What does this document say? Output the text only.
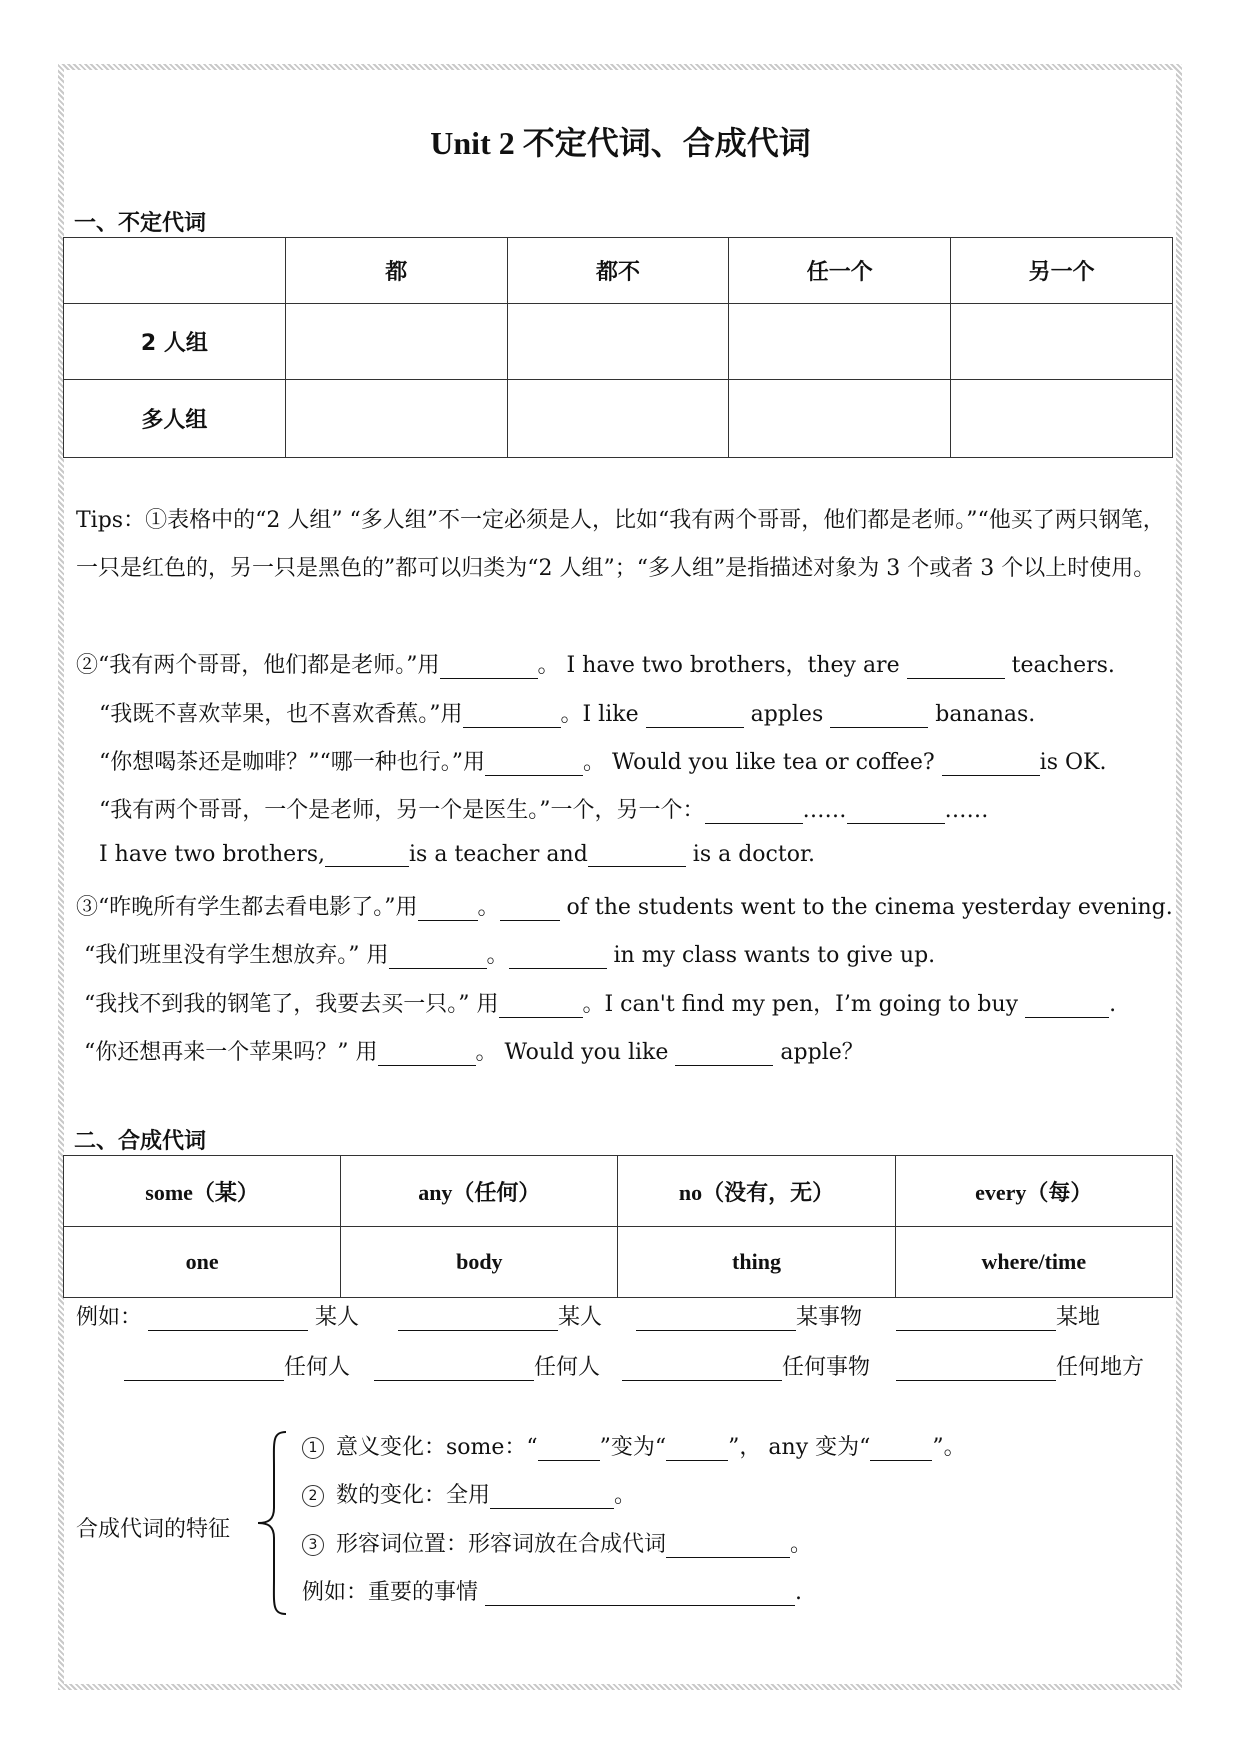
Unit 2 不定代词、合成代词
一、不定代词
	都	都不	任一个	另一个
2 人组				
多人组				
Tips：①表格中的“2 人组” “多人组”不一定必须是人，比如“我有两个哥哥，他们都是老师。”“他买了两只钢笔，一只是红色的，另一只是黑色的”都可以归类为“2 人组”；“多人组”是指描述对象为 3 个或者 3 个以上时使用。
②“我有两个哥哥，他们都是老师。”用	。 I have two brothers，they are	teachers.
“我既不喜欢苹果，也不喜欢香蕉。”用	。I like	apples	bananas.
“你想喝茶还是咖啡？”“哪一种也行。”用	。 Would you like tea or coffee?	is OK.
“我有两个哥哥，一个是老师，另一个是医生。”一个，另一个：	……	……
I have two brothers,	is a teacher and	is a doctor.
③“昨晚所有学生都去看电影了。”用	。	of the students went to the cinema yesterday evening.
“我们班里没有学生想放弃。” 用	。	in my class wants to give up.
“我找不到我的钢笔了，我要去买一只。” 用	。I can't find my pen，I’m going to buy	.
“你还想再来一个苹果吗？” 用	。 Would you like	apple？
二、合成代词
some（某）	any（任何）	no（没有，无）	every（每）
one	body	thing	where/time
例如：	某人	某人	某事物	某地
任何人	任何人	任何事物	任何地方
合成代词的特征
1 意义变化：some：“	”变为“	”， any 变为“	”。
2 数的变化：全用	。
3 形容词位置：形容词放在合成代词	。
例如：重要的事情	.
